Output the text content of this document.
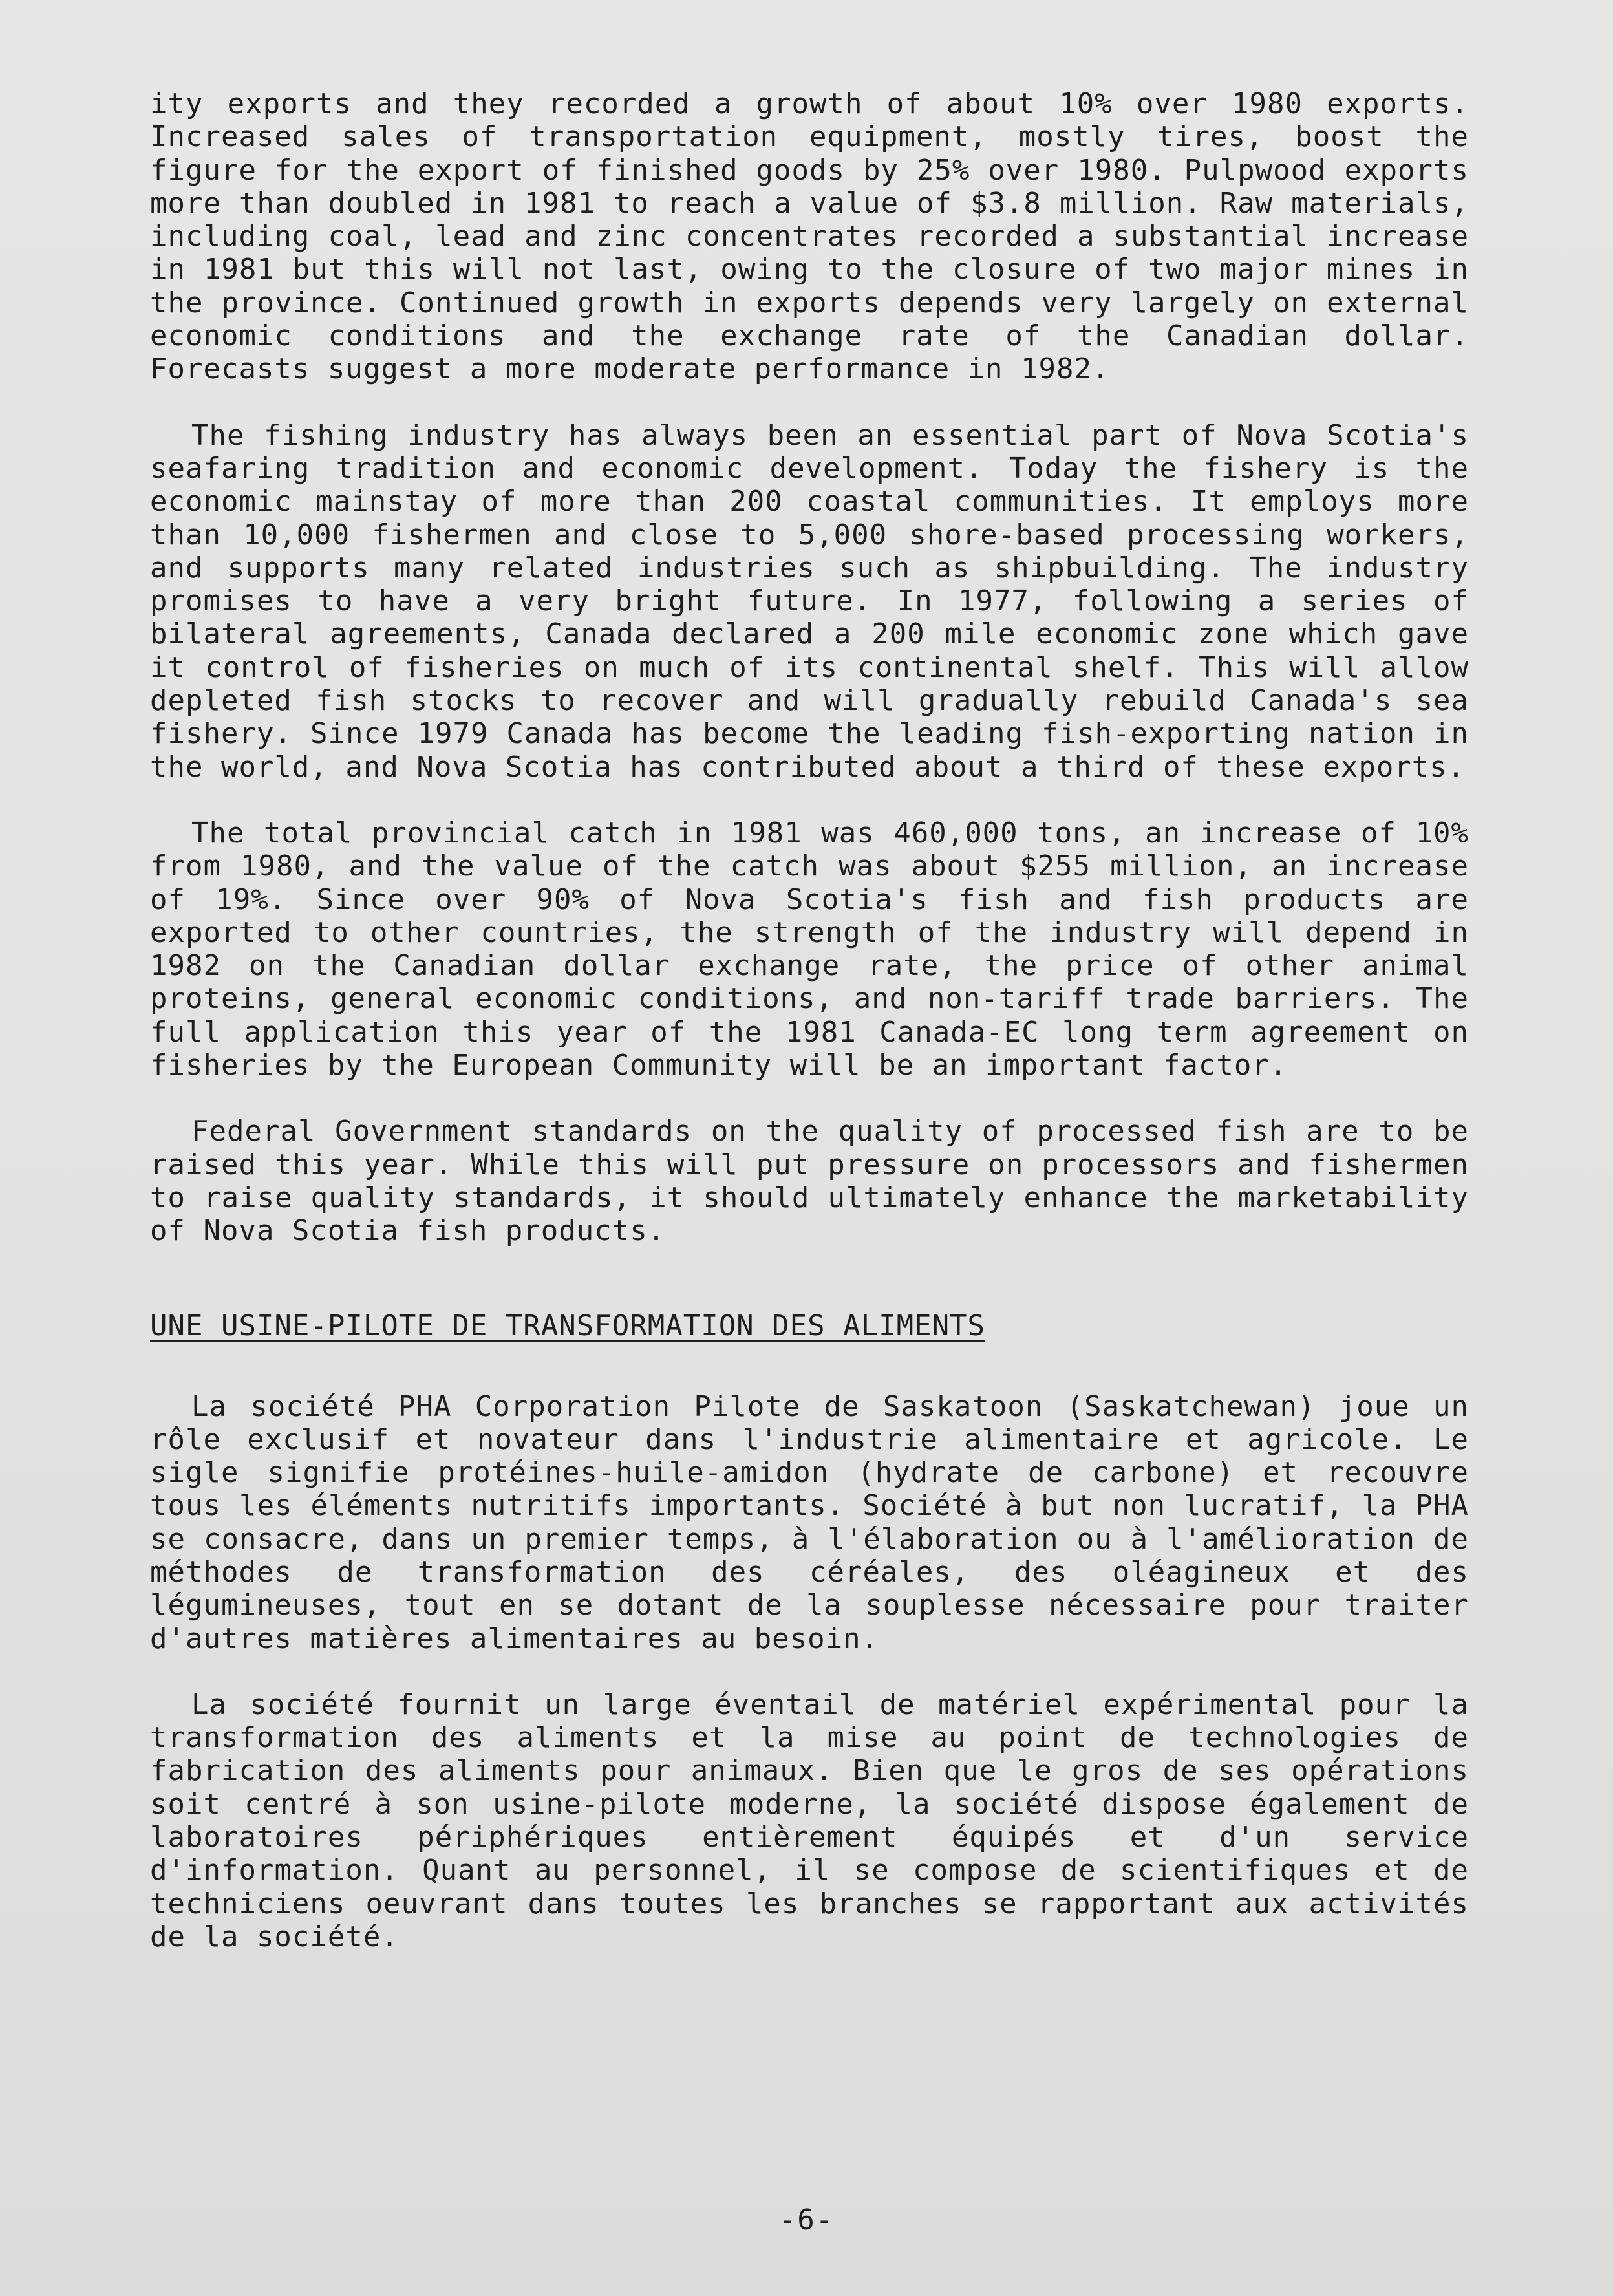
ity exports and they recorded a growth of about 10% over 1980 exports. Increased sales of transportation equipment, mostly tires, boost the figure for the export of finished goods by 25% over 1980. Pulpwood exports more than doubled in 1981 to reach a value of $3.8 million. Raw materials, including coal, lead and zinc concentrates recorded a substantial increase in 1981 but this will not last, owing to the closure of two major mines in the province. Continued growth in exports depends very largely on external economic conditions and the exchange rate of the Canadian dollar. Forecasts suggest a more moderate performance in 1982.

The fishing industry has always been an essential part of Nova Scotia's seafaring tradition and economic development. Today the fishery is the economic mainstay of more than 200 coastal communities. It employs more than 10,000 fishermen and close to 5,000 shore-based processing workers, and supports many related industries such as shipbuilding. The industry promises to have a very bright future. In 1977, following a series of bilateral agreements, Canada declared a 200 mile economic zone which gave it control of fisheries on much of its continental shelf. This will allow depleted fish stocks to recover and will gradually rebuild Canada's sea fishery. Since 1979 Canada has become the leading fish-exporting nation in the world, and Nova Scotia has contributed about a third of these exports.

The total provincial catch in 1981 was 460,000 tons, an increase of 10% from 1980, and the value of the catch was about $255 million, an increase of 19%. Since over 90% of Nova Scotia's fish and fish products are exported to other countries, the strength of the industry will depend in 1982 on the Canadian dollar exchange rate, the price of other animal proteins, general economic conditions, and non-tariff trade barriers. The full application this year of the 1981 Canada-EC long term agreement on fisheries by the European Community will be an important factor.

Federal Government standards on the quality of processed fish are to be raised this year. While this will put pressure on processors and fishermen to raise quality standards, it should ultimately enhance the marketability of Nova Scotia fish products.

UNE USINE-PILOTE DE TRANSFORMATION DES ALIMENTS

La société PHA Corporation Pilote de Saskatoon (Saskatchewan) joue un rôle exclusif et novateur dans l'industrie alimentaire et agricole. Le sigle signifie protéines-huile-amidon (hydrate de carbone) et recouvre tous les éléments nutritifs importants. Société à but non lucratif, la PHA se consacre, dans un premier temps, à l'élaboration ou à l'amélioration de méthodes de transformation des céréales, des oléagineux et des légumineuses, tout en se dotant de la souplesse nécessaire pour traiter d'autres matières alimentaires au besoin.

La société fournit un large éventail de matériel expérimental pour la transformation des aliments et la mise au point de technologies de fabrication des aliments pour animaux. Bien que le gros de ses opérations soit centré à son usine-pilote moderne, la société dispose également de laboratoires périphériques entièrement équipés et d'un service d'information. Quant au personnel, il se compose de scientifiques et de techniciens oeuvrant dans toutes les branches se rapportant aux activités de la société.

-6-
